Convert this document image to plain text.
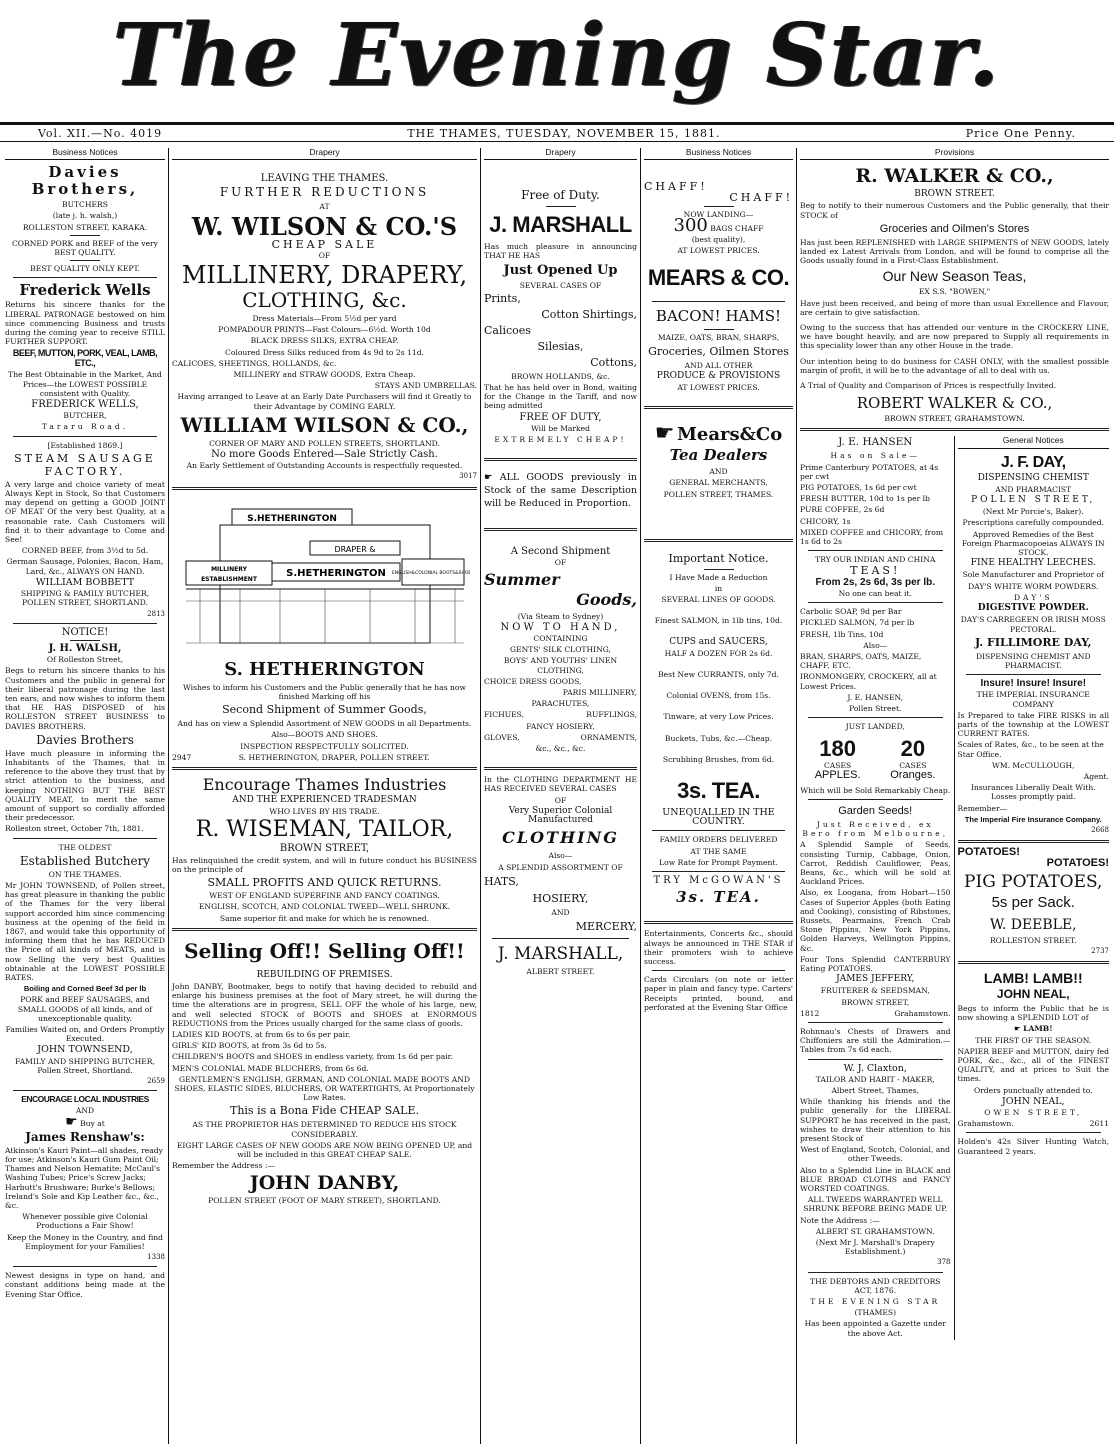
The Evening Star.
Vol. XII.—No. 4019	THE THAMES, TUESDAY, NOVEMBER 15, 1881.	Price One Penny.
Business Notices
Davies Brothers,

BUTCHERS

(late j. h. walsh,)

ROLLESTON STREET, KARAKA.

CORNED PORK and BEEF of the very BEST QUALITY.

BEST QUALITY ONLY KEPT.

Frederick Wells

Returns his sincere thanks for the LIBERAL PATRONAGE bestowed on him since commencing Business and trusts during the coming year to receive STILL FURTHER SUPPORT.

BEEF, MUTTON, PORK, VEAL, LAMB, ETC.,

The Best Obtainable in the Market, And Prices—the LOWEST POSSIBLE consistent with Quality.

FREDERICK WELLS,

BUTCHER,

Tararu Road.

[Established 1869.]

STEAM SAUSAGE FACTORY.

A very large and choice variety of meat Always Kept in Stock, So that Customers may depend on getting a GOOD JOINT OF MEAT Of the very best Quality, at a reasonable rate. Cash Customers will find it to their advantage to Come and See!

CORNED BEEF, from 3½d to 5d.

German Sausage, Polonies, Bacon, Ham, Lard, &c., ALWAYS ON HAND.

WILLIAM BOBBETT

SHIPPING & FAMILY BUTCHER, POLLEN STREET, SHORTLAND.

2813
NOTICE!
J. H. WALSH,

Of Rolleston Street,

Begs to return his sincere thanks to his Customers and the public in general for their liberal patronage during the last ten ears, and now wishes to inform them that HE HAS DISPOSED of his ROLLESTON STREET BUSINESS to DAVIES BROTHERS.

Davies Brothers

Have much pleasure in informing the Inhabitants of the Thames, that in reference to the above they trust that by strict attention to the business, and keeping NOTHING BUT THE BEST QUALITY MEAT, to merit the same amount of support so cordially afforded their predecessor.

Rolleston street, October 7th, 1881.

THE OLDEST

Established Butchery

ON THE THAMES.

Mr JOHN TOWNSEND, of Pollen street, has great pleasure in thanking the public of the Thames for the very liberal support accorded him since commencing business at the opening of the field in 1867, and would take this opportunity of informing them that he has REDUCED the Price of all kinds of MEATS, and is now Selling the very best Qualities obtainable at the LOWEST POSSIBLE RATES.

Boiling and Corned Beef 3d per lb

PORK and BEEF SAUSAGES, and SMALL GOODS of all kinds, and of unexceptionable quality.

Families Waited on, and Orders Promptly Executed.

JOHN TOWNSEND,

FAMILY AND SHIPPING BUTCHER, Pollen Street, Shortland.

2659

ENCOURAGE LOCAL INDUSTRIES

AND

☛ Buy at

James Renshaw's:

Atkinson's Kauri Paint—all shades, ready for use; Atkinson's Kauri Gum Paint Oil; Thames and Nelson Hematite; McCaul's Washing Tubes; Price's Screw Jacks; Harbutt's Brushware; Burke's Bellows; Ireland's Sole and Kip Leather &c., &c., &c.

Whenever possible give Colonial Productions a Fair Show!

Keep the Money in the Country, and find Employment for your Families!

1338

Newest designs in type on hand, and constant additions being made at the Evening Star Office.

Drapery

LEAVING THE THAMES.

FURTHER REDUCTIONS

AT

W. WILSON & CO.'S
CHEAP SALE

OF

MILLINERY, DRAPERY,
CLOTHING, &c.

Dress Materials—From 5½d per yard

POMPADOUR PRINTS—Fast Colours—6½d. Worth 10d

BLACK DRESS SILKS, EXTRA CHEAP.

Coloured Dress Silks reduced from 4s 9d to 2s 11d.

CALICOES, SHEETINGS, HOLLANDS, &c.

MILLINERY and STRAW GOODS, Extra Cheap.

STAYS AND UMBRELLAS.

Having arranged to Leave at an Early Date Purchasers will find it Greatly to their Advantage by COMING EARLY.

WILLIAM WILSON & CO.,

CORNER OF MARY AND POLLEN STREETS, SHORTLAND.

No more Goods Entered—Sale Strictly Cash.

An Early Settlement of Outstanding Accounts is respectfully requested.

3017
S.HETHERINGTON
DRAPER &
MILLINERY
ESTABLISHMENT
S.HETHERINGTON ENGLISH&COLONIAL BOOTS&SHOES
S. HETHERINGTON

Wishes to inform his Customers and the Public generally that he has now finished Marking off his

Second Shipment of Summer Goods,

And has on view a Splendid Assortment of NEW GOODS in all Departments.

Also—BOOTS AND SHOES.

INSPECTION RESPECTFULLY SOLICITED.

2947	S. HETHERINGTON, DRAPER, POLLEN STREET.

Encourage Thames Industries

AND THE EXPERIENCED TRADESMAN

WHO LIVES BY HIS TRADE.

R. WISEMAN, TAILOR,

BROWN STREET,

Has relinquished the credit system, and will in future conduct his BUSINESS on the principle of

SMALL PROFITS AND QUICK RETURNS.

WEST OF ENGLAND SUPERFINE AND FANCY COATINGS.

ENGLISH, SCOTCH, AND COLONIAL TWEED—WELL SHRUNK.

Same superior fit and make for which he is renowned.

Selling Off!! Selling Off!!

REBUILDING OF PREMISES.

John DANBY, Bootmaker, begs to notify that having decided to rebuild and enlarge his business premises at the foot of Mary street, he will during the time the alterations are in progress, SELL OFF the whole of his large, new, and well selected STOCK of BOOTS and SHOES at ENORMOUS REDUCTIONS from the Prices usually charged for the same class of goods.

LADIES KID BOOTS, at from 6s to 6s per pair.

GIRLS' KID BOOTS, at from 3s 6d to 5s.

CHILDREN'S BOOTS and SHOES in endless variety, from 1s 6d per pair.

MEN'S COLONIAL MADE BLUCHERS, from 6s 6d.

GENTLEMEN'S ENGLISH, GERMAN, AND COLONIAL MADE BOOTS AND SHOES, ELASTIC SIDES, BLUCHERS, OR WATERTIGHTS, At Proportionately Low Rates.

This is a Bona Fide CHEAP SALE.

AS THE PROPRIETOR HAS DETERMINED TO REDUCE HIS STOCK CONSIDERABLY.

EIGHT LARGE CASES OF NEW GOODS ARE NOW BEING OPENED UP, and will be included in this GREAT CHEAP SALE.

Remember the Address :—

JOHN DANBY,

POLLEN STREET (FOOT OF MARY STREET), SHORTLAND.

Drapery

Free of Duty.

J. MARSHALL

Has much pleasure in announcing THAT HE HAS

Just Opened Up

SEVERAL CASES OF

Prints,

Cotton Shirtings,

Calicoes

Silesias,

Cottons,

BROWN HOLLANDS, &c.

That he has held over in Bond, waiting for the Change in the Tariff, and now being admitted

FREE OF DUTY,

Will be Marked

EXTREMELY CHEAP!

☛ ALL GOODS previously in Stock of the same Description will be Reduced in Proportion.

A Second Shipment

OF

Summer
Goods,

(Via Steam to Sydney)

NOW TO HAND,

CONTAINING

GENTS' SILK CLOTHING,

BOYS' AND YOUTHS' LINEN CLOTHING,

CHOICE DRESS GOODS,

PARIS MILLINERY,

PARACHUTES,

FICHUES,	RUFFLINGS,

FANCY HOSIERY,

GLOVES,	ORNAMENTS,

&c., &c., &c.

In the CLOTHING DEPARTMENT HE HAS RECEIVED SEVERAL CASES

OF

Very Superior Colonial Manufactured

CLOTHING

Also—

A SPLENDID ASSORTMENT OF

HATS,

HOSIERY,

AND

MERCERY,

J. MARSHALL,

ALBERT STREET.

Business Notices

CHAFF!

CHAFF!

NOW LANDING—

300 BAGS CHAFF

(best quality),

AT LOWEST PRICES.

MEARS & CO.
BACON! HAMS!

MAIZE, OATS, BRAN, SHARPS,

Groceries, Oilmen Stores

AND ALL OTHER

PRODUCE & PROVISIONS

AT LOWEST PRICES.

☛ Mears&Co

Tea Dealers

AND

GENERAL MERCHANTS,

POLLEN STREET, THAMES.

Important Notice.

I Have Made a Reduction

in

SEVERAL LINES OF GOODS.

Finest SALMON, in 1lb tins, 10d.

CUPS and SAUCERS,

HALF A DOZEN FOR 2s 6d.

Best New CURRANTS, only 7d.

Colonial OVENS, from 15s.

Tinware, at very Low Prices.

Buckets, Tubs, &c.—Cheap.

Scrubbing Brushes, from 6d.

3s. TEA.

UNEQUALLED IN THE COUNTRY.

FAMILY ORDERS DELIVERED

AT THE SAME

Low Rate for Prompt Payment.

TRY McGOWAN'S

3s. TEA.

Entertainments, Concerts &c., should always be announced in THE STAR if their promoters wish to achieve success.

Cards Circulars (on note or letter paper in plain and fancy type. Carters' Receipts printed, bound, and perforated at the Evening Star Office

Provisions
R. WALKER & CO.,

BROWN STREET.

Beg to notify to their numerous Customers and the Public generally, that their STOCK of

Groceries and Oilmen's Stores

Has just been REPLENISHED with LARGE SHIPMENTS of NEW GOODS, lately landed ex Latest Arrivals from London, and will be found to comprise all the Goods usually found in a First-Class Establishment.

Our New Season Teas,

EX S.S. "BOWEN,"

Have just been received, and being of more than usual Excellence and Flavour, are certain to give satisfaction.

Owing to the success that has attended our venture in the CROCKERY LINE, we have bought heavily, and are now prepared to Supply all requirements in this speciality lower than any other House in the trade.

Our intention being to do business for CASH ONLY, with the smallest possible margin of profit, it will be to the advantage of all to deal with us.

A Trial of Quality and Comparison of Prices is respectfully Invited.

ROBERT WALKER & CO.,

BROWN STREET, GRAHAMSTOWN.

J. E. HANSEN

Has on Sale—

Prime Canterbury POTATOES, at 4s per cwt

PIG POTATOES, 1s 6d per cwt

FRESH BUTTER, 10d to 1s per lb

PURE COFFEE, 2s 6d

CHICORY, 1s

MIXED COFFEE and CHICORY, from 1s 6d to 2s

TRY OUR INDIAN AND CHINA

TEAS!

From 2s, 2s 6d, 3s per lb.

No one can beat it.

Carbolic SOAP, 9d per Bar

PICKLED SALMON, 7d per lb

FRESH, 1lb Tins, 10d

Also—

BRAN, SHARPS, OATS, MAIZE, CHAFF, ETC.

IRONMONGERY, CROCKERY, all at Lowest Prices.

J. E. HANSEN,

Pollen Street.

JUST LANDED,

180
CASES
APPLES.
20
CASES
Oranges.

Which will be Sold Remarkably Cheap.

Garden Seeds!

Just Received, ex Bero from Melbourne,

A Splendid Sample of Seeds, consisting Turnip, Cabbage, Onion, Carrot, Reddish Cauliflower, Peas, Beans, &c., which will be sold at Auckland Prices.

Also, ex Loogana, from Hobart—150 Cases of Superior Apples (both Eating and Cooking), consisting of Ribstones, Russets, Pearmains, French Crab Stone Pippins, New York Pippins, Golden Harveys, Wellington Pippins, &c.

Four Tons Splendid CANTERBURY Eating POTATOES.

JAMES JEFFERY,

FRUITERER & SEEDSMAN,

BROWN STREET,

1812	Grahamstown.

Rohnnau's Chests of Drawers and Chiffoniers are still the Admiration.—Tables from 7s 6d each.

W. J. Claxton,

TAILOR AND HABIT - MAKER,

Albert Street, Thames,

While thanking his friends and the public generally for the LIBERAL SUPPORT he has received in the past, wishes to draw their attention to his present Stock of

West of England, Scotch, Colonial, and other Tweeds.

Also to a Splendid Line in BLACK and BLUE BROAD CLOTHS and FANCY WORSTED COATINGS.

ALL TWEEDS WARRANTED WELL SHRUNK BEFORE BEING MADE UP.

Note the Address :—

ALBERT ST. GRAHAMSTOWN.

(Next Mr J. Marshall's Drapery Establishment.)

378

THE DEBTORS AND CREDITORS ACT, 1876.

THE EVENING STAR

(THAMES)

Has been appointed a Gazette under the above Act.

General Notices
J. F. DAY,

DISPENSING CHEMIST

AND PHARMACIST

POLLEN STREET,

(Next Mr Porcie's, Baker).

Prescriptions carefully compounded.

Approved Remedies of the Best Foreign Pharmacopoeias ALWAYS IN STOCK.

FINE HEALTHY LEECHES.

Sole Manufacturer and Proprietor of

DAY'S WHITE WORM POWDERS.

DAY'S

DIGESTIVE POWDER.

DAY'S CARREGEEN OR IRISH MOSS PECTORAL.

J. FILLIMORE DAY,

DISPENSING CHEMIST AND PHARMACIST.

Insure! Insure! Insure!

THE IMPERIAL INSURANCE COMPANY

Is Prepared to take FIRE RISKS in all parts of the township at the LOWEST CURRENT RATES.

Scales of Rates, &c., to be seen at the Star Office.

WM. McCULLOUGH,

Agent.

Insurances Liberally Dealt With. Losses promptly paid.

Remember—

The Imperial Fire Insurance Company.

2668

POTATOES!

POTATOES!

PIG POTATOES,
5s per Sack.
W. DEEBLE,

ROLLESTON STREET.

2737
LAMB! LAMB!!
JOHN NEAL,

Begs to inform the Public that he is now showing a SPLENDID LOT of

☛ LAMB!

THE FIRST OF THE SEASON.

NAPIER BEEF and MUTTON, dairy fed PORK, &c., &c., all of the FINEST QUALITY, and at prices to Suit the times.

Orders punctually attended to.

JOHN NEAL,

OWEN STREET,

Grahamstown.	2611

Holden's 42s Silver Hunting Watch, Guaranteed 2 years.
